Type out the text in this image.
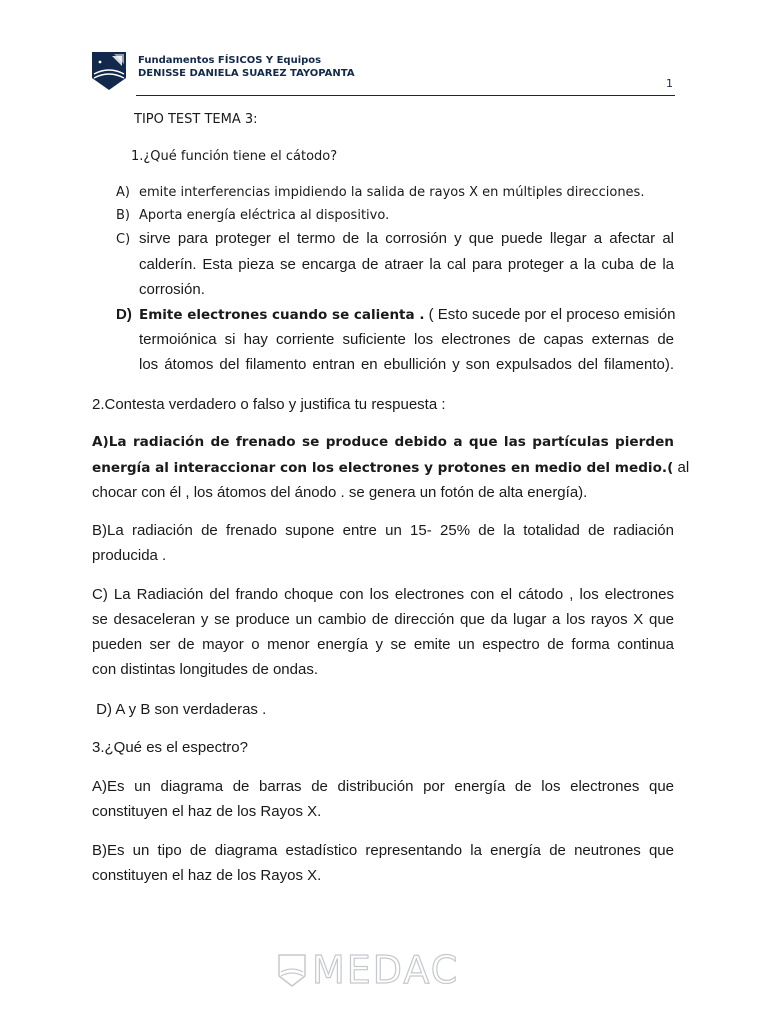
Fundamentos FÍSICOS Y Equipos
DENISSE DANIELA SUAREZ TAYOPANTA
1
TIPO TEST TEMA 3:
1.¿Qué función tiene el cátodo?
A) emite interferencias impidiendo la salida de rayos X en múltiples direcciones.
B) Aporta energía eléctrica al dispositivo.
C) sirve para proteger el termo de la corrosión y que puede llegar a afectar al
calderín. Esta pieza se encarga de atraer la cal para proteger a la cuba de la
corrosión.
D) Emite electrones cuando se calienta . ( Esto sucede por el proceso emisión
termoiónica si hay corriente suficiente los electrones de capas externas de
los átomos del filamento entran en ebullición y son expulsados del filamento).
2.Contesta verdadero o falso y justifica tu respuesta :
A)La radiación de frenado se produce debido a que las partículas pierden
energía al interaccionar con los electrones y protones en medio del medio.( al
chocar con él , los átomos del ánodo . se genera un fotón de alta energía).
B)La radiación de frenado supone entre un 15- 25% de la totalidad de radiación
producida .
C) La Radiación del frando choque con los electrones con el cátodo , los electrones
se desaceleran y se produce un cambio de dirección que da lugar a los rayos X que
pueden ser de mayor o menor energía y se emite un espectro de forma continua
con distintas longitudes de ondas.
D) A y B son verdaderas .
3.¿Qué es el espectro?
A)Es un diagrama de barras de distribución por energía de los electrones que
constituyen el haz de los Rayos X.
B)Es un tipo de diagrama estadístico representando la energía de neutrones que
constituyen el haz de los Rayos X.
MEDAC
